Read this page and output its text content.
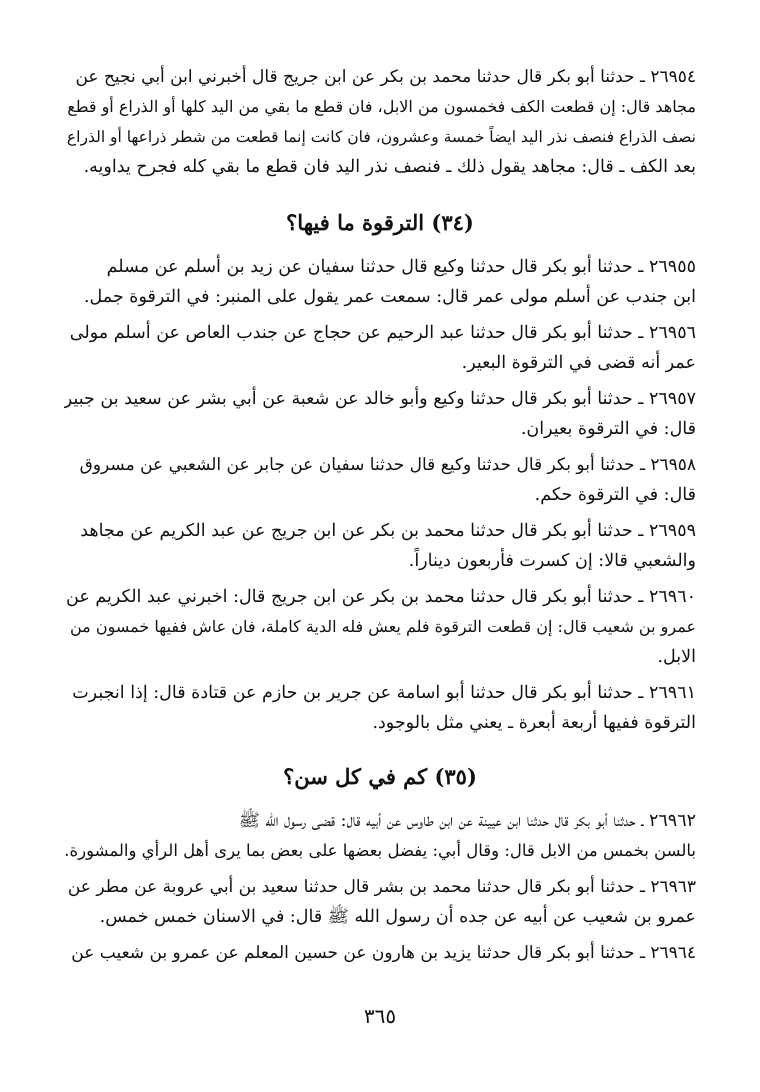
٢٦٩٥٤ ـ حدثنا أبو بكر قال حدثنا محمد بن بكر عن ابن جريج قال أخبرني ابن أبي نجيح عن
مجاهد قال: إن قطعت الكف فخمسون من الابل، فان قطع ما بقي من اليد كلها أو الذراع أو قطع
نصف الذراع فنصف نذر اليد ايضاً خمسة وعشرون، فان كانت إنما قطعت من شطر ذراعها أو الذراع
بعد الكف ـ قال: مجاهد يقول ذلك ـ فنصف نذر اليد فان قطع ما بقي كله فجرح يداويه.
(٣٤) الترقوة ما فيها؟
٢٦٩٥٥ ـ حدثنا أبو بكر قال حدثنا وكيع قال حدثنا سفيان عن زيد بن أسلم عن مسلم
ابن جندب عن أسلم مولى عمر قال: سمعت عمر يقول على المنبر: في الترقوة جمل.
٢٦٩٥٦ ـ حدثنا أبو بكر قال حدثنا عبد الرحيم عن حجاج عن جندب العاص عن أسلم مولى
عمر أنه قضى في الترقوة البعير.
٢٦٩٥٧ ـ حدثنا أبو بكر قال حدثنا وكيع وأبو خالد عن شعبة عن أبي بشر عن سعيد بن جبير
قال: في الترقوة بعيران.
٢٦٩٥٨ ـ حدثنا أبو بكر قال حدثنا وكيع قال حدثنا سفيان عن جابر عن الشعبي عن مسروق
قال: في الترقوة حكم.
٢٦٩٥٩ ـ حدثنا أبو بكر قال حدثنا محمد بن بكر عن ابن جريج عن عبد الكريم عن مجاهد
والشعبي قالا: إن كسرت فأربعون ديناراً.
٢٦٩٦٠ ـ حدثنا أبو بكر قال حدثنا محمد بن بكر عن ابن جريج قال: اخبرني عبد الكريم عن
عمرو بن شعيب قال: إن قطعت الترقوة فلم يعش فله الدية كاملة، فان عاش ففيها خمسون من
الابل.
٢٦٩٦١ ـ حدثنا أبو بكر قال حدثنا أبو اسامة عن جرير بن حازم عن قتادة قال: إذا انجبرت
الترقوة ففيها أربعة أبعرة ـ يعني مثل بالوجود.
(٣٥) كم في كل سن؟
٢٦٩٦٢ ـ حدثنا أبو بكر قال حدثنا ابن عيينة عن ابن طاوس عن أبيه قال: قضى رسول الله ﷺ
بالسن بخمس من الابل قال: وقال أبي: يفضل بعضها على بعض بما يرى أهل الرأي والمشورة.
٢٦٩٦٣ ـ حدثنا أبو بكر قال حدثنا محمد بن بشر قال حدثنا سعيد بن أبي عروبة عن مطر عن
عمرو بن شعيب عن أبيه عن جده أن رسول الله ﷺ قال: في الاسنان خمس خمس.
٢٦٩٦٤ ـ حدثنا أبو بكر قال حدثنا يزيد بن هارون عن حسين المعلم عن عمرو بن شعيب عن
٣٦٥
